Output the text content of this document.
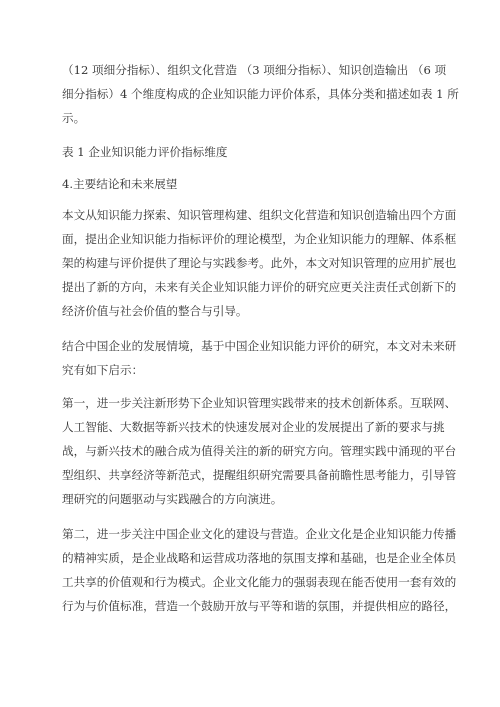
（12 项细分指标）、组织文化营造 （3 项细分指标）、知识创造输出 （6 项
细分指标）4 个维度构成的企业知识能力评价体系，具体分类和描述如表 1 所
示。
表 1 企业知识能力评价指标维度
4.主要结论和未来展望
本文从知识能力探索、知识管理构建、组织文化营造和知识创造输出四个方面
面，提出企业知识能力指标评价的理论模型，为企业知识能力的理解、体系框
架的构建与评价提供了理论与实践参考。此外，本文对知识管理的应用扩展也
提出了新的方向，未来有关企业知识能力评价的研究应更关注责任式创新下的
经济价值与社会价值的整合与引导。
结合中国企业的发展情境，基于中国企业知识能力评价的研究，本文对未来研
究有如下启示：
第一，进一步关注新形势下企业知识管理实践带来的技术创新体系。互联网、
人工智能、大数据等新兴技术的快速发展对企业的发展提出了新的要求与挑
战，与新兴技术的融合成为值得关注的新的研究方向。管理实践中涌现的平台
型组织、共享经济等新范式，提醒组织研究需要具备前瞻性思考能力，引导管
理研究的问题驱动与实践融合的方向演进。
第二，进一步关注中国企业文化的建设与营造。企业文化是企业知识能力传播
的精神实质，是企业战略和运营成功落地的氛围支撑和基础，也是企业全体员
工共享的价值观和行为模式。企业文化能力的强弱表现在能否使用一套有效的
行为与价值标准，营造一个鼓励开放与平等和谐的氛围，并提供相应的路径，
